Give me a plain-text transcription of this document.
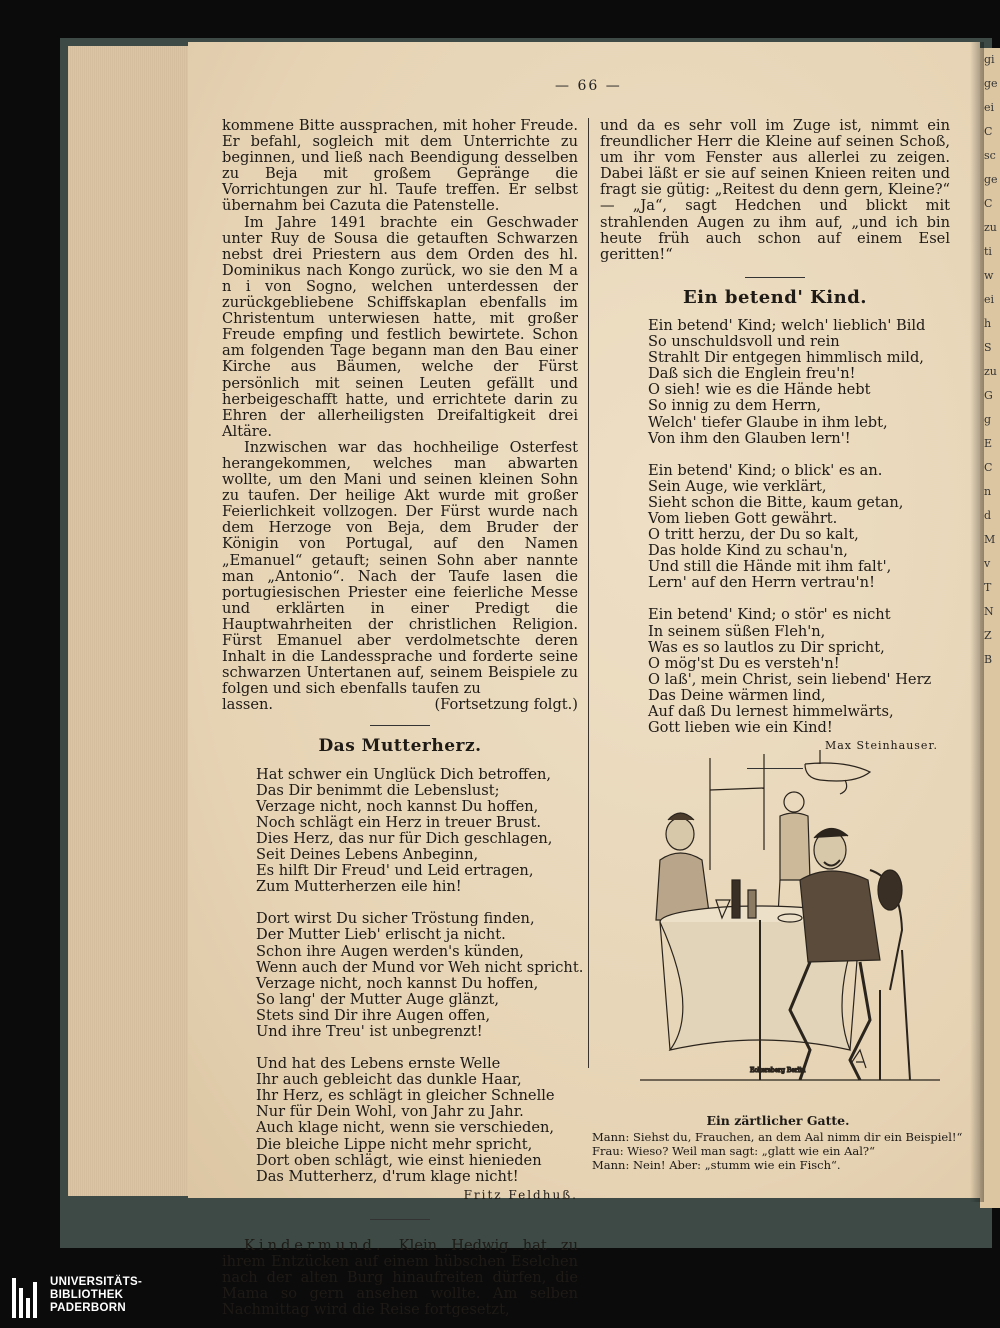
gi
ge
ei
C
sc
ge
C
zu
ti
w
ei
h
S
zu
G
g
E
C
n
d
M
v
T
N
Z
B
— 66 —

kommene Bitte aussprachen, mit hoher Freude. Er befahl, sogleich mit dem Unterrichte zu beginnen, und ließ nach Beendigung desselben zu Beja mit großem Gepränge die Vorrichtungen zur hl. Taufe treffen. Er selbst übernahm bei Cazuta die Patenstelle.

Im Jahre 1491 brachte ein Geschwader unter Ruy de Sousa die getauften Schwarzen nebst drei Priestern aus dem Orden des hl. Dominikus nach Kongo zurück, wo sie den M a n i von Sogno, welchen unterdessen der zurückgebliebene Schiffskaplan ebenfalls im Christentum unterwiesen hatte, mit großer Freude empfing und festlich bewirtete. Schon am folgenden Tage begann man den Bau einer Kirche aus Bäumen, welche der Fürst persönlich mit seinen Leuten gefällt und herbeigeschafft hatte, und errichtete darin zu Ehren der allerheiligsten Dreifaltigkeit drei Altäre.

Inzwischen war das hochheilige Osterfest herangekommen, welches man abwarten wollte, um den Mani und seinen kleinen Sohn zu taufen. Der heilige Akt wurde mit großer Feierlichkeit vollzogen. Der Fürst wurde nach dem Herzoge von Beja, dem Bruder der Königin von Portugal, auf den Namen „Emanuel“ getauft; seinen Sohn aber nannte man „Antonio“. Nach der Taufe lasen die portugiesischen Priester eine feierliche Messe und erklärten in einer Predigt die Hauptwahrheiten der christlichen Religion. Fürst Emanuel aber verdolmetschte deren Inhalt in die Landessprache und forderte seine schwarzen Untertanen auf, seinem Beispiele zu folgen und sich ebenfalls taufen zu

lassen.	(Fortsetzung folgt.)
Das Mutterherz.
Hat schwer ein Unglück Dich betroffen,
Das Dir benimmt die Lebenslust;
Verzage nicht, noch kannst Du hoffen,
Noch schlägt ein Herz in treuer Brust.
Dies Herz, das nur für Dich geschlagen,
Seit Deines Lebens Anbeginn,
Es hilft Dir Freud' und Leid ertragen,
Zum Mutterherzen eile hin!
Dort wirst Du sicher Tröstung finden,
Der Mutter Lieb' erlischt ja nicht.
Schon ihre Augen werden's künden,
Wenn auch der Mund vor Weh nicht spricht.
Verzage nicht, noch kannst Du hoffen,
So lang' der Mutter Auge glänzt,
Stets sind Dir ihre Augen offen,
Und ihre Treu' ist unbegrenzt!
Und hat des Lebens ernste Welle
Ihr auch gebleicht das dunkle Haar,
Ihr Herz, es schlägt in gleicher Schnelle
Nur für Dein Wohl, von Jahr zu Jahr.
Auch klage nicht, wenn sie verschieden,
Die bleiche Lippe nicht mehr spricht,
Dort oben schlägt, wie einst hienieden
Das Mutterherz, d'rum klage nicht!
Fritz Feldhuß.

Kindermund. Klein Hedwig hat zu ihrem Entzücken auf einem hübschen Eselchen nach der alten Burg hinaufreiten dürfen, die Mama so gern ansehen wollte. Am selben Nachmittag wird die Reise fortgesetzt,

und da es sehr voll im Zuge ist, nimmt ein freundlicher Herr die Kleine auf seinen Schoß, um ihr vom Fenster aus allerlei zu zeigen. Dabei läßt er sie auf seinen Knieen reiten und fragt sie gütig: „Reitest du denn gern, Kleine?“ — „Ja“, sagt Hedchen und blickt mit strahlenden Augen zu ihm auf, „und ich bin heute früh auch schon auf einem Esel geritten!“

Ein betend' Kind.
Ein betend' Kind; welch' lieblich' Bild
So unschuldsvoll und rein
Strahlt Dir entgegen himmlisch mild,
Daß sich die Englein freu'n!
O sieh! wie es die Hände hebt
So innig zu dem Herrn,
Welch' tiefer Glaube in ihm lebt,
Von ihm den Glauben lern'!
Ein betend' Kind; o blick' es an.
Sein Auge, wie verklärt,
Sieht schon die Bitte, kaum getan,
Vom lieben Gott gewährt.
O tritt herzu, der Du so kalt,
Das holde Kind zu schau'n,
Und still die Hände mit ihm falt',
Lern' auf den Herrn vertrau'n!
Ein betend' Kind; o stör' es nicht
In seinem süßen Fleh'n,
Was es so lautlos zu Dir spricht,
O mög'st Du es versteh'n!
O laß', mein Christ, sein liebend' Herz
Das Deine wärmen lind,
Auf daß Du lernest himmelwärts,
Gott lieben wie ein Kind!
Max Steinhauser.
Eckersberg Berlin
Ein zärtlicher Gatte.
Mann: Siehst du, Frauchen, an dem Aal nimm dir ein Beispiel!“
Frau: Wieso? Weil man sagt: „glatt wie ein Aal?“
Mann: Nein! Aber: „stumm wie ein Fisch“.
UNIVERSITÄTS-
BIBLIOTHEK
PADERBORN
